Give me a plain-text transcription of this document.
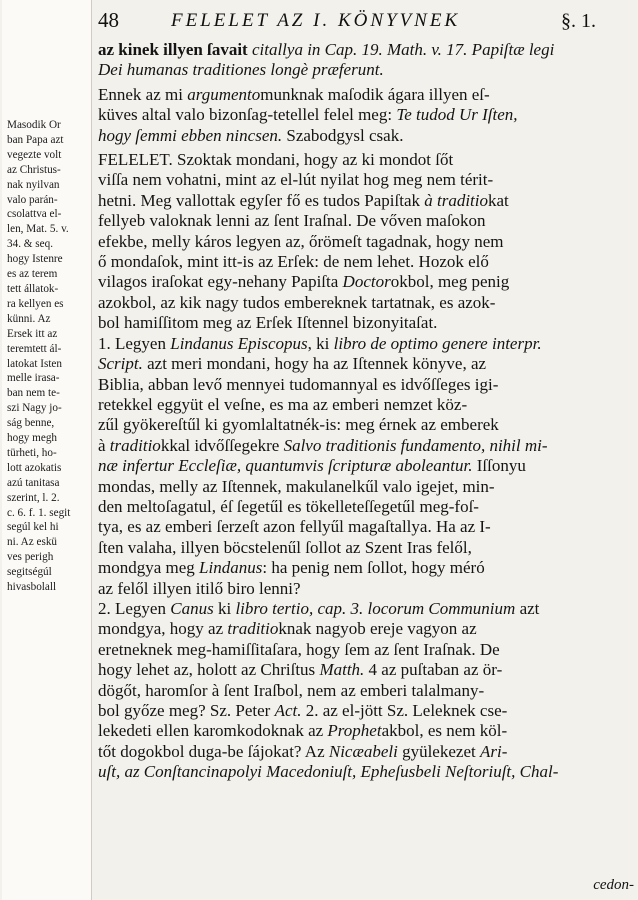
Masodik Or
ban Papa azt
vegezte volt
az Christus-
nak nyilvan
valo parán-
csolattva el-
len, Mat. 5. v.
34. & seq.
hogy Istenre
es az terem
tett állatok-
ra kellyen es
künni. Az
Ersek itt az
teremtett ál-
latokat Isten
melle irasa-
ban nem te-
szi Nagy jo-
ság benne,
hogy megh
türheti, ho-
lott azokatis
azú tanitasa
szerint, l. 2.
c. 6. f. 1. segit
segúl kel hi
ni. Az eskü
ves perigh
segitségúl
hivasbolall
48	FELELET AZ I. KÖNYVNEK	§. 1.
az kinek illyen ſavait citallya in Cap. 19. Math. v. 17. Papiſtæ legi
Dei humanas traditiones longè præferunt.
Ennek az mi argumentomunknak maſodik ágara illyen eſ-
küves altal valo bizonſag-tetellel felel meg: Te tudod Ur Iſten,
hogy ſemmi ebben nincsen. Szabodgysl csak.
FELELET. Szoktak mondani, hogy az ki mondot ſőt
viſſa nem vohatni, mint az el-lút nyilat hog meg nem térit-
hetni. Meg vallottak egyſer fő es tudos Papiſtak à traditiokat
fellyeb valoknak lenni az ſent Iraſnal. De vőven maſokon
efekbe, melly káros legyen az, őrömeſt tagadnak, hogy nem
ő mondaſok, mint itt-is az Erſek: de nem lehet. Hozok elő
vilagos iraſokat egy-nehany Papiſta Doctorokbol, meg penig
azokbol, az kik nagy tudos embereknek tartatnak, es azok-
bol hamiſſitom meg az Erſek Iſtennel bizonyitaſat.
1. Legyen Lindanus Episcopus, ki libro de optimo genere interpr.
Script. azt meri mondani, hogy ha az Iſtennek könyve, az
Biblia, abban levő mennyei tudomannyal es idvőſſeges igi-
retekkel eggyüt el veſne, es ma az emberi nemzet köz-
zűl gyökereſtűl ki gyomlaltatnék-is: meg érnek az emberek
à traditiokkal idvőſſegekre Salvo traditionis fundamento, nihil mi-
næ infertur Eccleſiæ, quantumvis ſcripturæ aboleantur. Iſſonyu
mondas, melly az Iſtennek, makulanelkűl valo igejet, min-
den meltoſagatul, éſ ſegetűl es tökelleteſſegetűl meg-foſ-
tya, es az emberi ſerzeſt azon fellyűl magaſtallya. Ha az I-
ſten valaha, illyen böcstelenűl ſollot az Szent Iras felől,
mondgya meg Lindanus: ha penig nem ſollot, hogy méró
az felől illyen itilő biro lenni?
2. Legyen Canus ki libro tertio, cap. 3. locorum Communium azt
mondgya, hogy az traditioknak nagyob ereje vagyon az
eretneknek meg-hamiſſitaſara, hogy ſem az ſent Iraſnak. De
hogy lehet az, holott az Chriſtus Matth. 4 az puſtaban az ör-
dögőt, haromſor à ſent Iraſbol, nem az emberi talalmany-
bol győze meg? Sz. Peter Act. 2. az el-jött Sz. Leleknek cse-
lekedeti ellen karomkodoknak az Prophetakbol, es nem köl-
tőt dogokbol duga-be ſájokat? Az Nicæabeli gyülekezet Ari-
uſt, az Conſtancinapolyi Macedoniuſt, Epheſusbeli Neſtoriuſt, Chal-
cedon-
